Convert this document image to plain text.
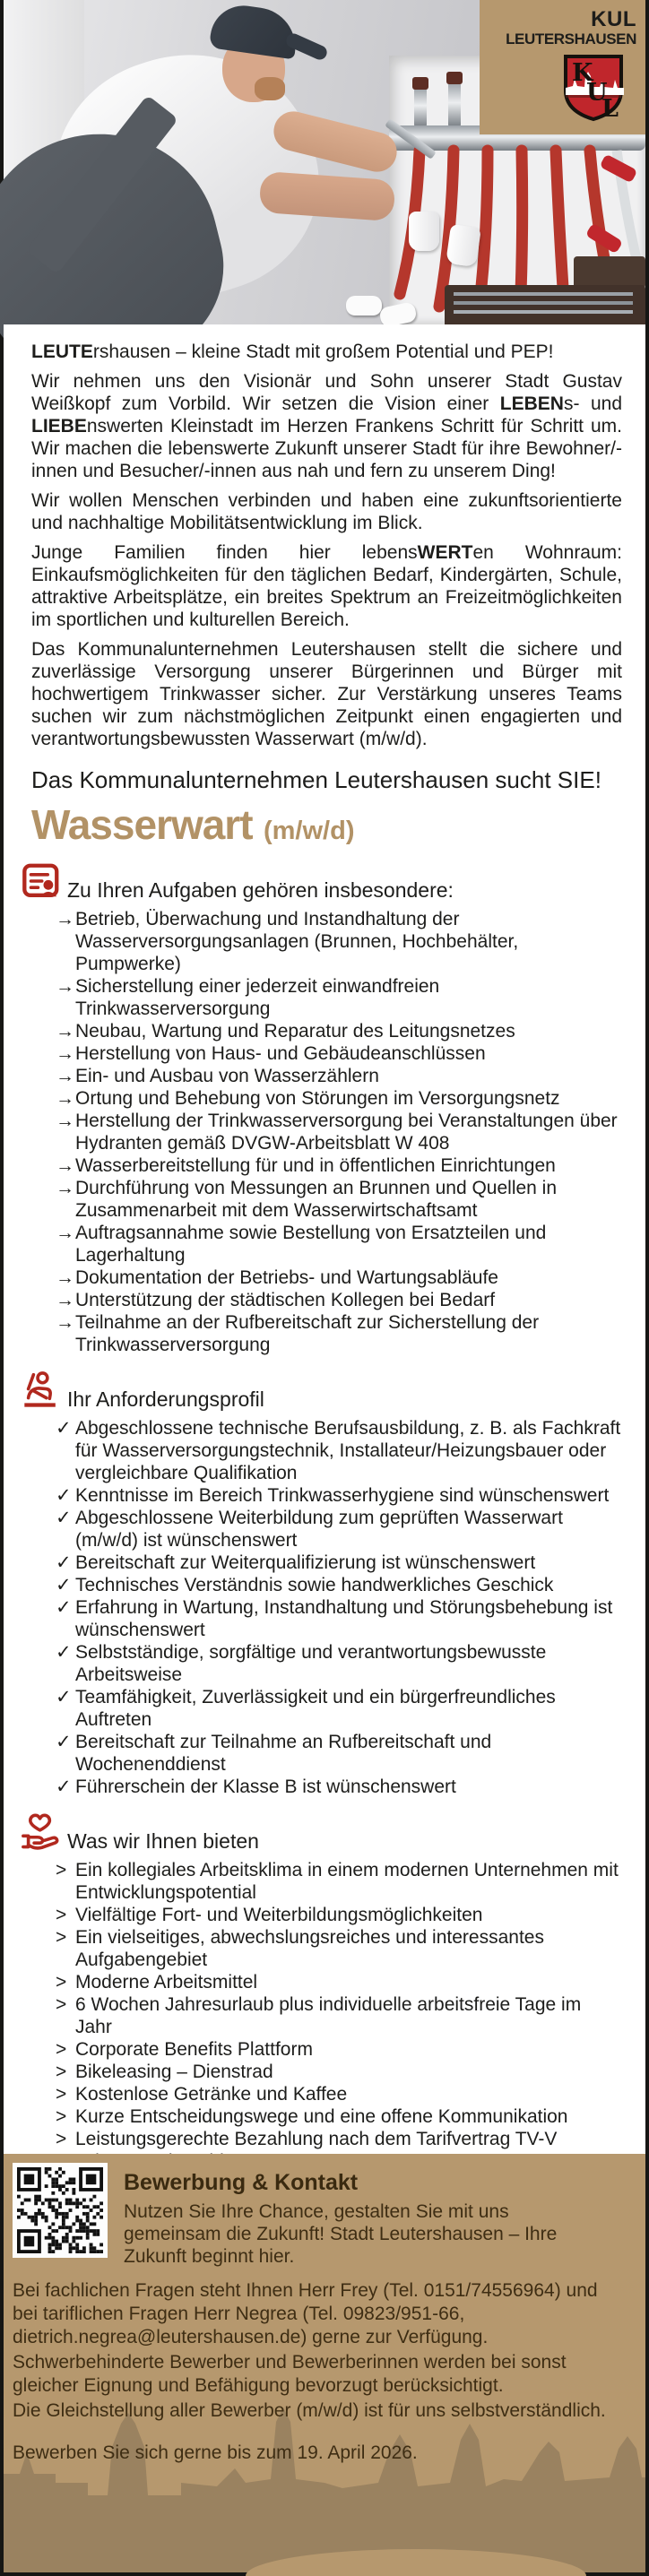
KUL
LEUTERSHAUSEN
K
U
L

LEUTErshausen – kleine Stadt mit großem Potential und PEP!

Wir nehmen uns den Visionär und Sohn unserer Stadt Gustav Weißkopf zum Vorbild. Wir setzen die Vision einer LEBENs- und LIEBEnswerten Kleinstadt im Herzen Frankens Schritt für Schritt um. Wir machen die lebenswerte Zukunft unserer Stadt für ihre Bewohner/-innen und Besucher/-innen aus nah und fern zu unserem Ding!

Wir wollen Menschen verbinden und haben eine zukunftsorientierte und nachhaltige Mobilitätsentwicklung im Blick.

Junge Familien finden hier lebensWERTen Wohnraum: Einkaufsmöglichkeiten für den täglichen Bedarf, Kindergärten, Schule, attraktive Arbeitsplätze, ein breites Spektrum an Freizeitmöglichkeiten im sportlichen und kulturellen Bereich.

Das Kommunalunternehmen Leutershausen stellt die sichere und zuverlässige Versorgung unserer Bürgerinnen und Bürger mit hochwertigem Trinkwasser sicher. Zur Verstärkung unseres Teams suchen wir zum nächstmöglichen Zeitpunkt einen engagierten und verantwortungsbewussten Wasserwart (m/w/d).

Das Kommunalunternehmen Leutershausen sucht SIE!
Wasserwart (m/w/d)
Zu Ihren Aufgaben gehören insbesondere:
→ Betrieb, Überwachung und Instandhaltung der Wasserversorgungsanlagen (Brunnen, Hochbehälter, Pumpwerke)
→ Sicherstellung einer jederzeit einwandfreien Trinkwasserversorgung
→ Neubau, Wartung und Reparatur des Leitungsnetzes
→ Herstellung von Haus- und Gebäudeanschlüssen
→ Ein- und Ausbau von Wasserzählern
→ Ortung und Behebung von Störungen im Versorgungsnetz
→ Herstellung der Trinkwasserversorgung bei Veranstaltungen über Hydranten gemäß DVGW-Arbeitsblatt W 408
→ Wasserbereitstellung für und in öffentlichen Einrichtungen
→ Durchführung von Messungen an Brunnen und Quellen in Zusammenarbeit mit dem Wasserwirtschaftsamt
→ Auftragsannahme sowie Bestellung von Ersatzteilen und Lagerhaltung
→ Dokumentation der Betriebs- und Wartungsabläufe
→ Unterstützung der städtischen Kollegen bei Bedarf
→ Teilnahme an der Rufbereitschaft zur Sicherstellung der Trinkwasserversorgung
Ihr Anforderungsprofil
✓ Abgeschlossene technische Berufsausbildung, z. B. als Fachkraft für Wasserversorgungstechnik, Installateur/Heizungsbauer oder vergleichbare Qualifikation
✓ Kenntnisse im Bereich Trinkwasserhygiene sind wünschenswert
✓ Abgeschlossene Weiterbildung zum geprüften Wasserwart (m/w/d) ist wünschenswert
✓ Bereitschaft zur Weiterqualifizierung ist wünschenswert
✓ Technisches Verständnis sowie handwerkliches Geschick
✓ Erfahrung in Wartung, Instandhaltung und Störungsbehebung ist wünschenswert
✓ Selbstständige, sorgfältige und verantwortungsbewusste Arbeitsweise
✓ Teamfähigkeit, Zuverlässigkeit und ein bürgerfreundliches Auftreten
✓ Bereitschaft zur Teilnahme an Rufbereitschaft und Wochenenddienst
✓ Führerschein der Klasse B ist wünschenswert
Was wir Ihnen bieten
> Ein kollegiales Arbeitsklima in einem modernen Unternehmen mit Entwicklungspotential
> Vielfältige Fort- und Weiterbildungsmöglichkeiten
> Ein vielseitiges, abwechslungsreiches und interessantes Aufgabengebiet
> Moderne Arbeitsmittel
> 6 Wochen Jahresurlaub plus individuelle arbeitsfreie Tage im Jahr
> Corporate Benefits Plattform
> Bikeleasing – Dienstrad
> Kostenlose Getränke und Kaffee
> Kurze Entscheidungswege und eine offene Kommunikation
> Leistungsgerechte Bezahlung nach dem Tarifvertrag TV-V
Bewerbung & Kontakt

Nutzen Sie Ihre Chance, gestalten Sie mit uns gemeinsam die Zukunft! Stadt Leutershausen – Ihre Zukunft beginnt hier.

Bei fachlichen Fragen steht Ihnen Herr Frey (Tel. 0151/74556964) und bei tariflichen Fragen Herr Negrea (Tel. 09823/951-66, dietrich.negrea@leutershausen.de) gerne zur Verfügung.

Schwerbehinderte Bewerber und Bewerberinnen werden bei sonst gleicher Eignung und Befähigung bevorzugt berücksichtigt.

Die Gleichstellung aller Bewerber (m/w/d) ist für uns selbstverständlich.

Bewerben Sie sich gerne bis zum 19. April 2026.
